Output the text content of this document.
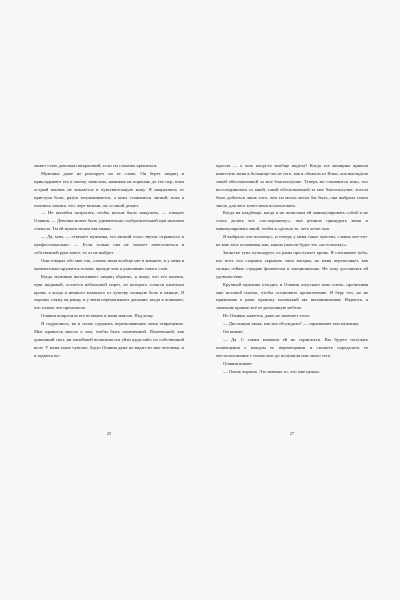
может стать довольно некрасивой, если ты станешь крепиться.

Мужчина даже не реагирует на ее слова. Он берет шприц и прикладывает его к моему запястью, нажимая на поршень до тех пор, пока острый кончик не вонзается в чувствительную кожу. Я напрягаюсь от приступа боли, разум затуманивается, а кожа становится липкой, пока я пытаюсь понять, что, черт возьми, он со мной делает.

— Не пытайся потрогать, чтобы нельзя было нащупать, — говорит Оливия. — Девочка может быть удивительно сообразительной при наличии стимула. Ты ей нужен тихим как мышь.

— Да, мэм, — отвечает мужчина, его низкий голос звучит отрывисто и профессионально. — Если только она не захочет повеселиться в собственной руке вовсе, то от не выйдет.

Они говорят обо мне так, словно меня вообще нет в комнате, и у меня в моментально кружится голова, прежде чем я улавливаю смысл слов.

Когда мужчина вытаскивает шприц обратно, я вижу, что его кончик, едва видимый, остается небольшой порез, из которого сочатся капельки крови, а когда я немного влажного от чувству сильную боль в мышце, Я моргаю, гляжу на ранку, и у меня перехватывает дыхание, когда я понимаю, что только что произошло.

Оливия попросила его вставить в меня маячок. Под кожу.

Я содрогаюсь, не в силах сдержать переполняющее меня отвращение. Мне нравится мысль о том, чтобы быть помеченной. Помеченной, как домашний скот, ни малейшей возможности уйти куда-либо по собственной воле. У меня такое чувство, будто Оливия даже не видит во мне человека, и я задаюсь во-

25

просом — а хоть когда-то вообще видела? Когда эта женщина пришла навестить меня в больнице после того, как я сбежала от Ильи, она выглядела такой обеспокоенной за мое благополучие. Теперь же становится ясно, что воссоединилась со мной, такой обеспокоенной за мое благополучие, хотела быть добиться лишь того, чем ты могла могла бы быть, она выбрала точно знала, для чего хочет меня использовать.

Когда на кладбище, когда я не позволяла ей манипулировать собой и не стала делать все «по-хорошему», она решила принудить меня и манипулировать мной, чтобы я сделала то, чего хочет она.

Я выбрала «по-плохому», и теперь у меня такое чувство, словно вот-это-не мне злое оплачивая, как, каким ужасом будет это «по-плохому».

Запястье тупо пульсирует, из раны проступает кровь. Я стискиваю зубы, изо всех сил стараясь скрывать свои эмоции, но меня переполняет, как сильно сейчас страдаю физически и эмоционально. Не хочу доставлять ей удовольствие.

Крупный мужчина отходит, и Оливия отпускает мою плечо, протягивая мне носовой платок, чтобы остановить кровотечение. Я беру его, но не прижимаю к ране, провожу маленький акт неповиновения. Надеюсь, я запачкаю кровью всё ее роскошную мебель.

Но Оливия, кажется, даже не замечает этого.

— Дистанция такая, как мы обсуждали? — спрашивает она мужчину.

Он кивает.

— Да. С таким маячком ей не спрятаться. Вы будете получать оповещения о каждом ее перемещении и сможете определить ее местоположение с точностью до полумили или около того.

Оливия кивает.

— Очень хорошо. Это именно то, что мне нужно.

27
